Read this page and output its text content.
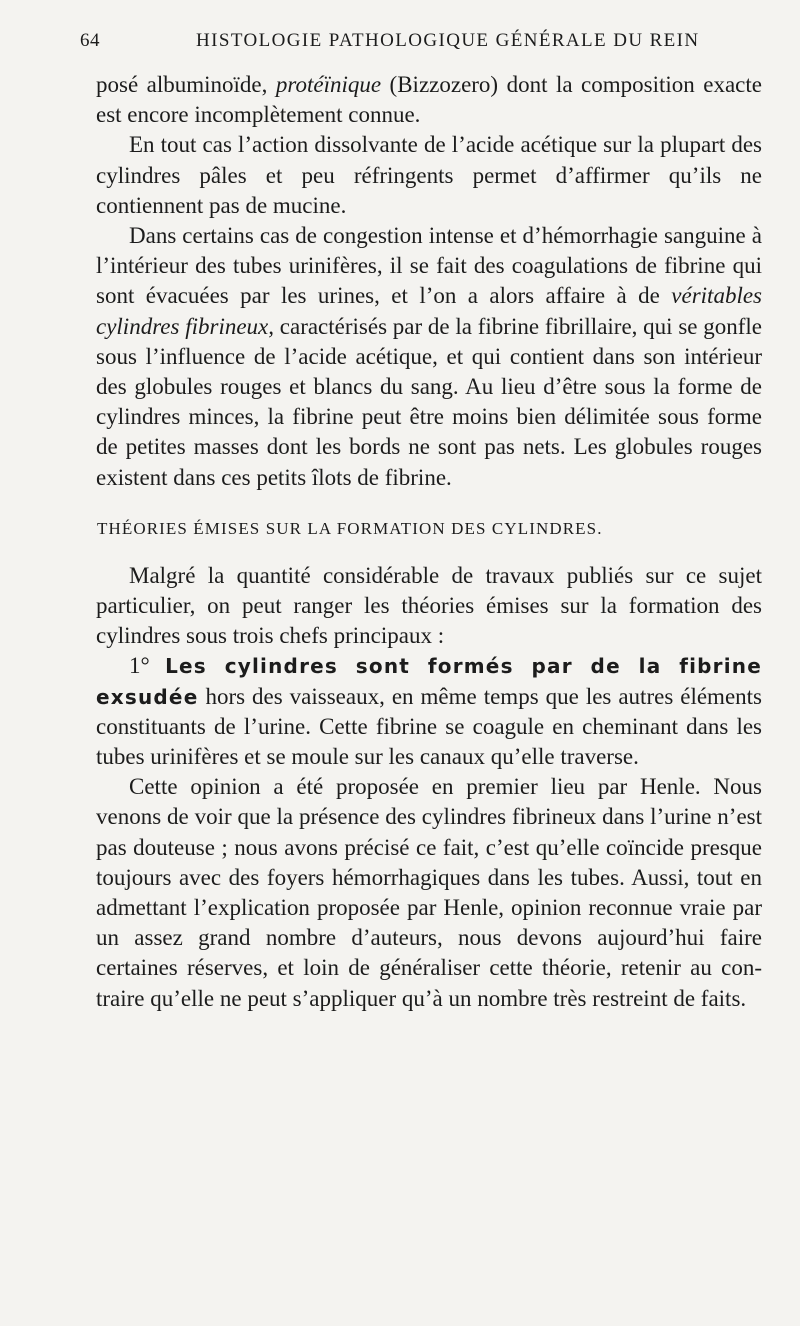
64	HISTOLOGIE PATHOLOGIQUE GÉNÉRALE DU REIN

posé albuminoïde, protéïnique (Bizzozero) dont la composition exacte est encore incomplètement connue.

En tout cas l’action dissolvante de l’acide acétique sur la plupart des cylindres pâles et peu réfringents permet d’affirmer qu’ils ne contiennent pas de mucine.

Dans certains cas de congestion intense et d’hémorrhagie sanguine à l’intérieur des tubes urinifères, il se fait des coagulations de fibrine qui sont évacuées par les urines, et l’on a alors affaire à de véritables cylindres fibrineux, caractérisés par de la fibrine fibrillaire, qui se gonfle sous l’influence de l’acide acétique, et qui contient dans son intérieur des globules rouges et blancs du sang. Au lieu d’être sous la forme de cylindres minces, la fibrine peut être moins bien délimitée sous forme de petites masses dont les bords ne sont pas nets. Les globules rouges existent dans ces petits îlots de fibrine.

THÉORIES ÉMISES SUR LA FORMATION DES CYLINDRES.

Malgré la quantité considérable de travaux publiés sur ce sujet particulier, on peut ranger les théories émises sur la formation des cylindres sous trois chefs principaux :

1° Les cylindres sont formés par de la fibrine exsudée hors des vaisseaux, en même temps que les autres éléments constituants de l’urine. Cette fibrine se coagule en cheminant dans les tubes urinifères et se moule sur les canaux qu’elle traverse.

Cette opinion a été proposée en premier lieu par Henle. Nous venons de voir que la présence des cylindres fibrineux dans l’urine n’est pas douteuse ; nous avons précisé ce fait, c’est qu’elle coïncide presque toujours avec des foyers hémorrhagiques dans les tubes. Aussi, tout en admettant l’explication proposée par Henle, opinion reconnue vraie par un assez grand nombre d’auteurs, nous devons aujourd’hui faire certaines réserves, et loin de généraliser cette théorie, retenir au contraire qu’elle ne peut s’appliquer qu’à un nombre très restreint de faits.
